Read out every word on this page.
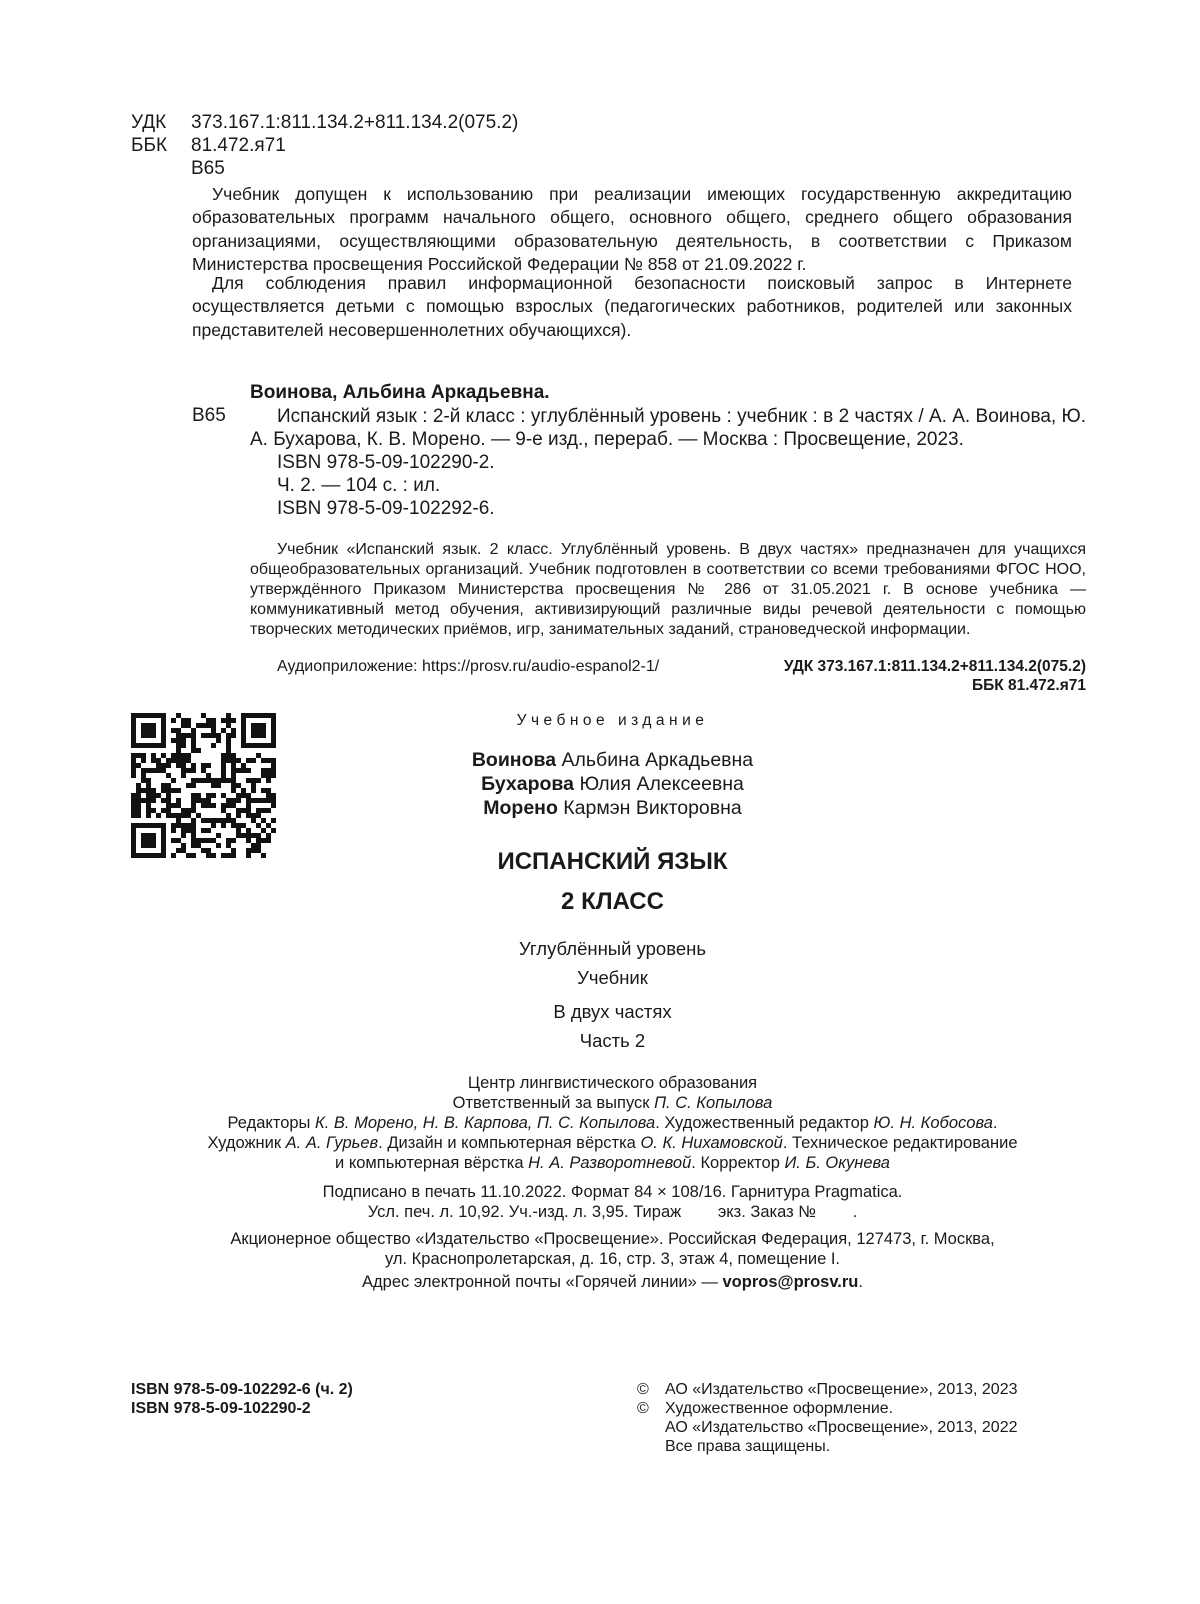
УДК 373.167.1:811.134.2+811.134.2(075.2)
ББК 81.472.я71
В65

Учебник допущен к использованию при реализации имеющих государственную аккредитацию образовательных программ начального общего, основного общего, среднего общего образования организациями, осуществляющими образовательную деятельность, в соответствии с Приказом Министерства просвещения Российской Федерации № 858 от 21.09.2022 г.

Для соблюдения правил информационной безопасности поисковый запрос в Интернете осуществляется детьми с помощью взрослых (педагогических работников, родителей или законных представителей несовершеннолетних обучающихся).

Воинова, Альбина Аркадьевна.
В65	Испанский язык : 2-й класс : углублённый уровень : учебник : в 2 частях / А. А. Воинова, Ю. А. Бухарова, К. В. Морено. — 9-е изд., перераб. — Москва : Просвещение, 2023.

ISBN 978-5-09-102290-2.

Ч. 2. — 104 с. : ил.

ISBN 978-5-09-102292-6.

Учебник «Испанский язык. 2 класс. Углублённый уровень. В двух частях» предназначен для учащихся общеобразовательных организаций. Учебник подготовлен в соответствии со всеми требованиями ФГОС НОО, утверждённого Приказом Министерства просвещения № 286 от 31.05.2021 г. В основе учебника — коммуникативный метод обучения, активизирующий различные виды речевой деятельности с помощью творческих методических приёмов, игр, занимательных заданий, страноведческой информации.

Аудиоприложение: https://prosv.ru/audio-espanol2-1/	УДК 373.167.1:811.134.2+811.134.2(075.2)
ББК 81.472.я71
Учебное издание
Воинова Альбина Аркадьевна
Бухарова Юлия Алексеевна
Морено Кармэн Викторовна
ИСПАНСКИЙ ЯЗЫК
2 КЛАСС
Углублённый уровень
Учебник
В двух частях
Часть 2
Центр лингвистического образования
Ответственный за выпуск П. С. Копылова
Редакторы К. В. Морено, Н. В. Карпова, П. С. Копылова. Художественный редактор Ю. Н. Кобосова.
Художник А. А. Гурьев. Дизайн и компьютерная вёрстка О. К. Нихамовской. Техническое редактирование
и компьютерная вёрстка Н. А. Разворотневой. Корректор И. Б. Окунева
Подписано в печать 11.10.2022. Формат 84 × 108/16. Гарнитура Pragmatica.
Усл. печ. л. 10,92. Уч.-изд. л. 3,95. Тираж        экз. Заказ №        .
Акционерное общество «Издательство «Просвещение». Российская Федерация, 127473, г. Москва,
ул. Краснопролетарская, д. 16, стр. 3, этаж 4, помещение I.
Адрес электронной почты «Горячей линии» — vopros@prosv.ru.
ISBN 978-5-09-102292-6 (ч. 2)
ISBN 978-5-09-102290-2
© АО «Издательство «Просвещение», 2013, 2023
© Художественное оформление.
АО «Издательство «Просвещение», 2013, 2022
Все права защищены.
